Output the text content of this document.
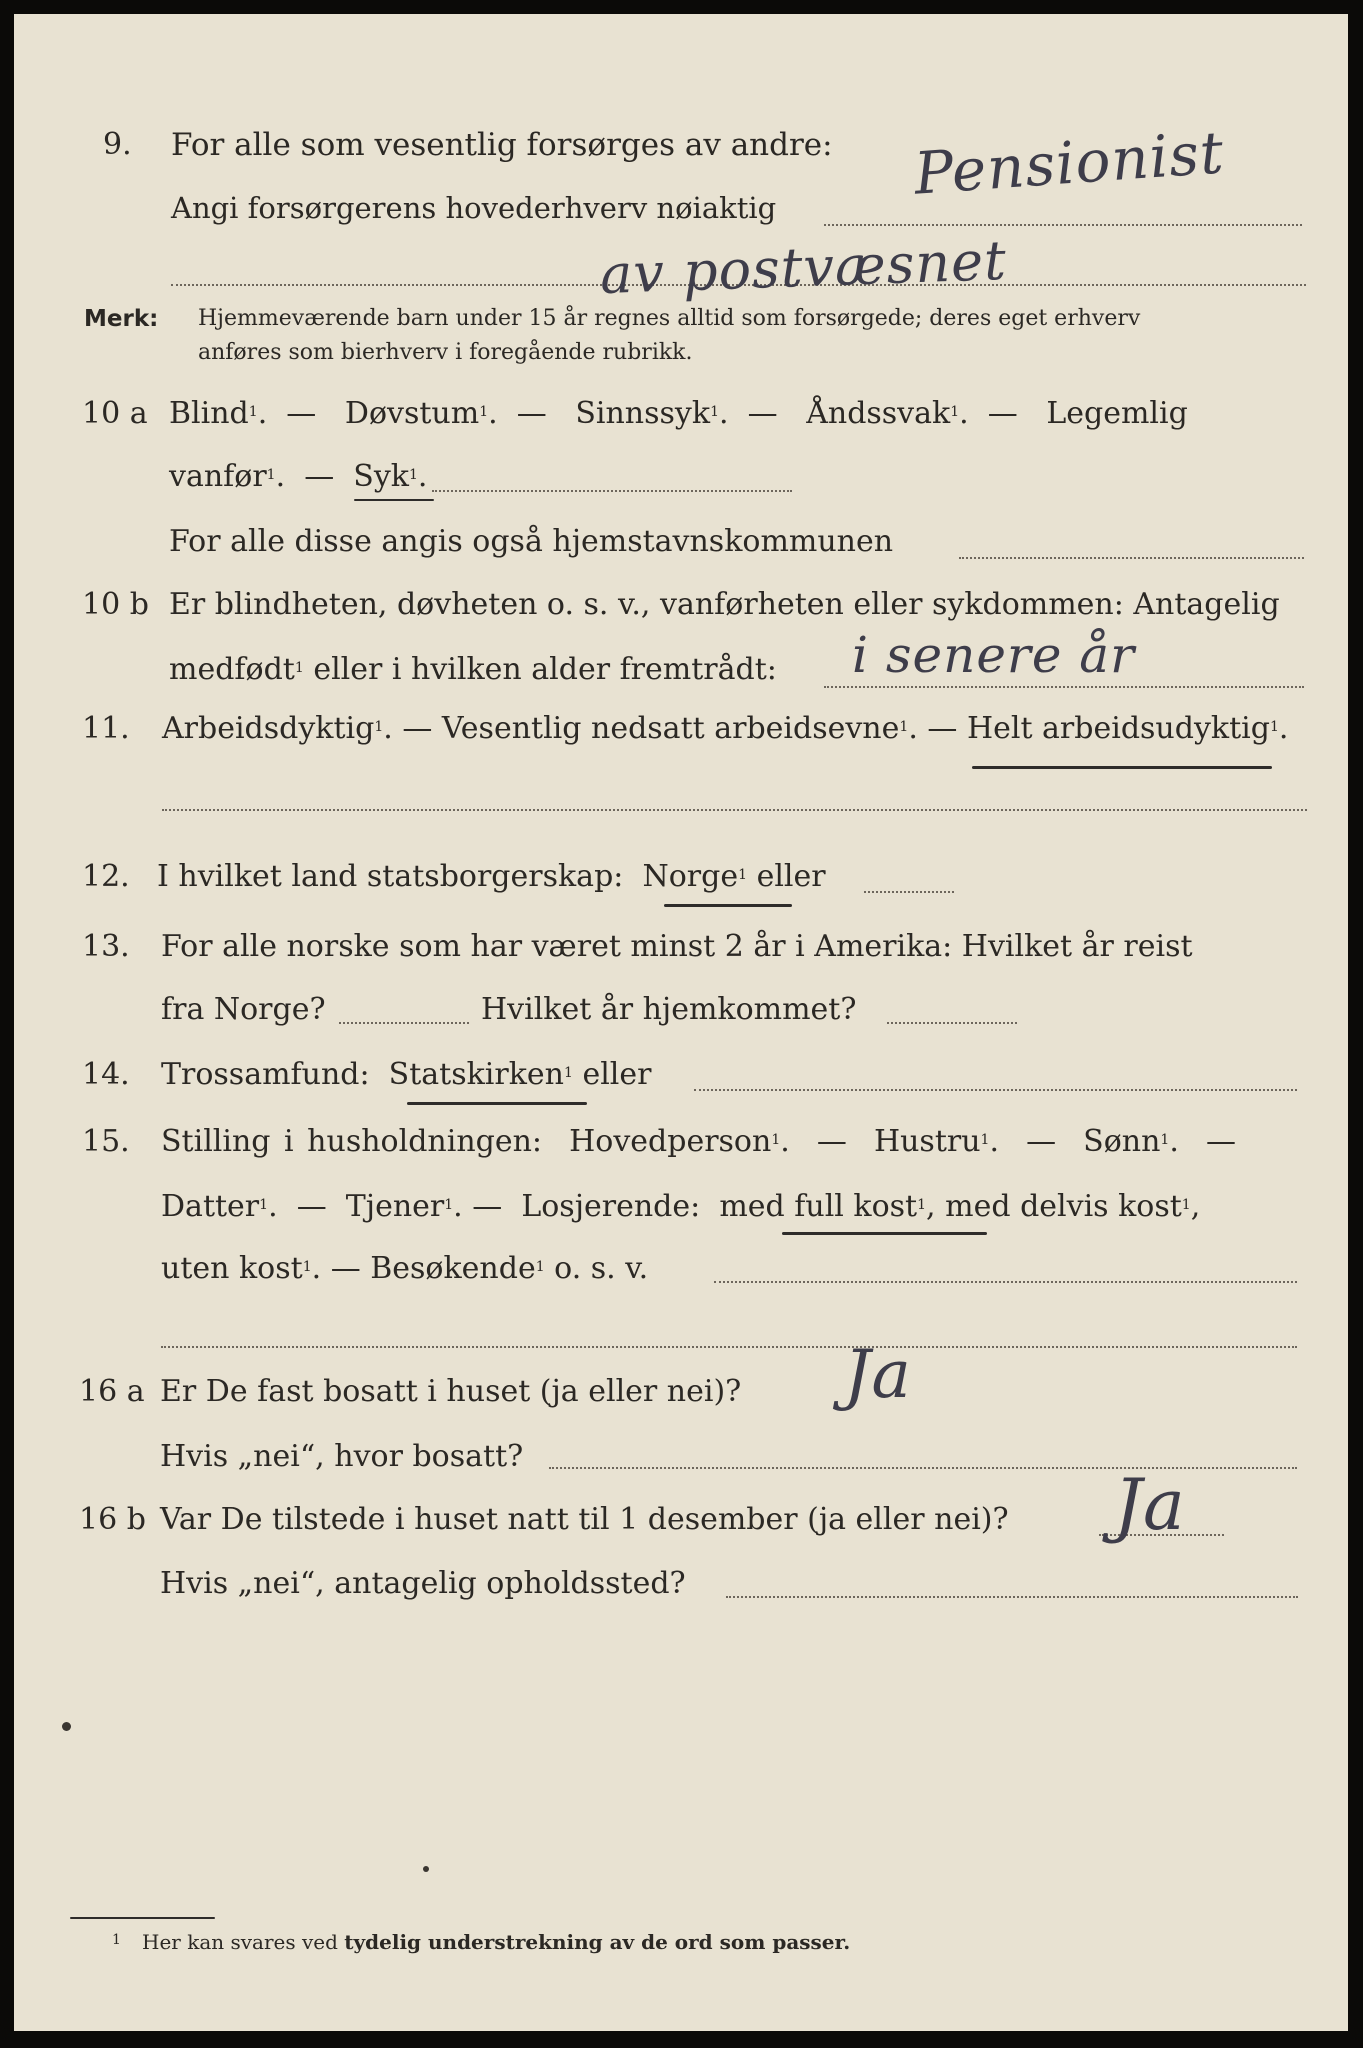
9. For alle som vesentlig forsørges av andre:
Angi forsørgerens hovederhverv nøiaktig
Pensionist
av postvæsnet
Merk: Hjemmeværende barn under 15 år regnes alltid som forsørgede; deres eget erhverv
anføres som bierhverv i foregående rubrikk.
10 a Blind$^1$.  — Døvstum$^1$.  — Sinnssyk$^1$.  — Åndssvak$^1$.  — Legemlig
vanfør$^1$.  — Syk$^1$.
For alle disse angis også hjemstavnskommunen
10 b Er blindheten, døvheten o. s. v., vanførheten eller sykdommen: Antagelig
medfødt$^1$ eller i hvilken alder fremtrådt: i senere år
11. Arbeidsdyktig$^1$. — Vesentlig nedsatt arbeidsevne$^1$. — Helt arbeidsudyktig$^1$.
12. I hvilket land statsborgerskap: Norge$^1$ eller
13. For alle norske som har været minst 2 år i Amerika: Hvilket år reist
fra Norge?	Hvilket år hjemkommet?
14. Trossamfund: Statskirken$^1$ eller
15. Stilling i husholdningen: Hovedperson$^1$.  — Hustru$^1$.  — Sønn$^1$.  —
Datter$^1$.  — Tjener$^1$. — Losjerende: med full kost$^1$, med delvis kost$^1$,
uten kost$^1$. — Besøkende$^1$ o. s. v.
16 a Er De fast bosatt i huset (ja eller nei)? Ja
Hvis „nei“, hvor bosatt?
16 b Var De tilstede i huset natt til 1 desember (ja eller nei)? Ja
Hvis „nei“, antagelig opholdssted?
1 Her kan svares ved tydelig understrekning av de ord som passer.
